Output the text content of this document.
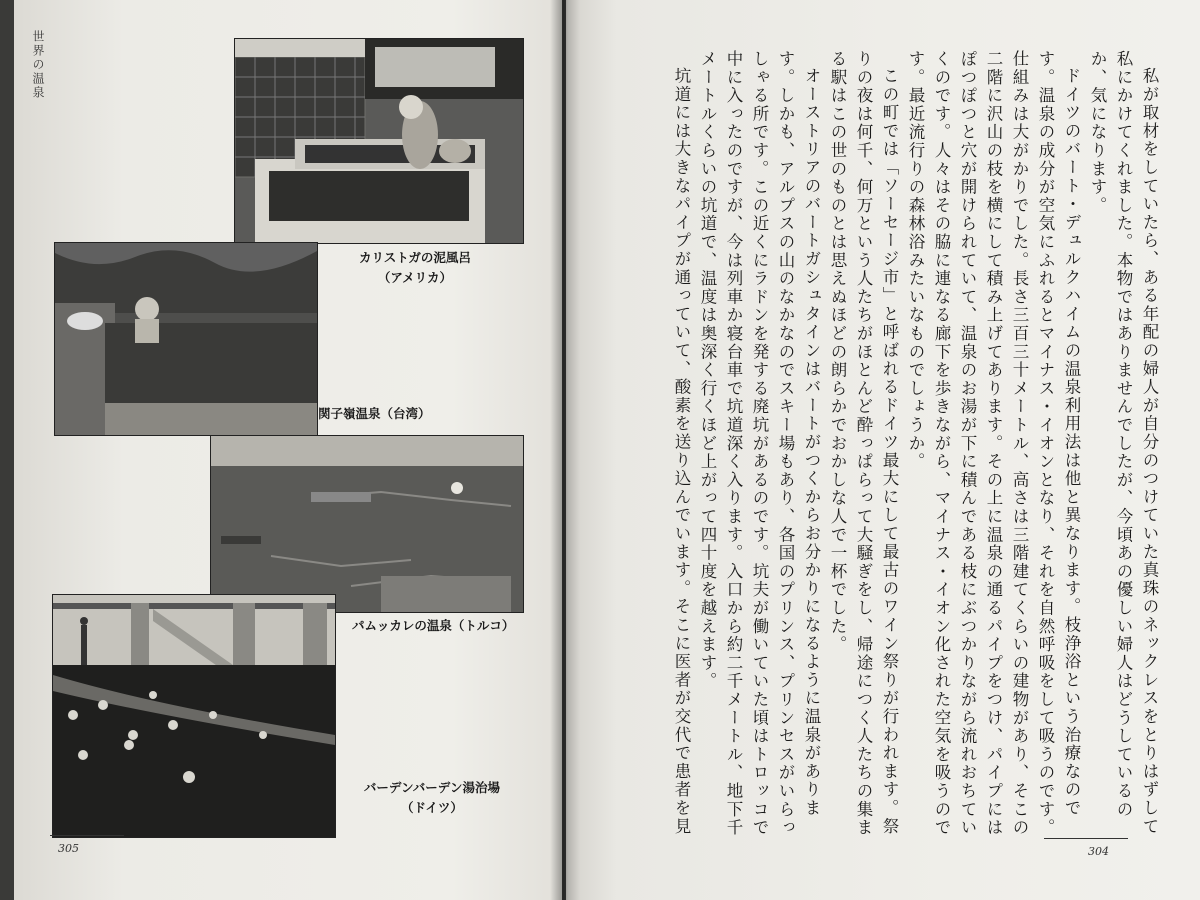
世界の温泉
カリストガの泥風呂
（アメリカ）
関子嶺温泉（台湾）
パムッカレの温泉（トルコ）
バーデンバーデン湯治場
（ドイツ）
305

私が取材をしていたら、ある年配の婦人が自分のつけていた真珠のネックレスをとりはずして私にかけてくれました。本物ではありませんでしたが、今頃あの優しい婦人はどうしているのか、気になります。

ドイツのバート・デュルクハイムの温泉利用法は他と異なります。枝浄浴という治療なのです。温泉の成分が空気にふれるとマイナス・イオンとなり、それを自然呼吸をして吸うのです。仕組みは大がかりでした。長さ三百三十メートル、高さは三階建てくらいの建物があり、そこの二階に沢山の枝を横にして積み上げてあります。その上に温泉の通るパイプをつけ、パイプにはぽつぽつと穴が開けられていて、温泉のお湯が下に積んである枝にぶつかりながら流れおちていくのです。人々はその脇に連なる廊下を歩きながら、マイナス・イオン化された空気を吸うのです。最近流行りの森林浴みたいなものでしょうか。

この町では「ソーセージ市」と呼ばれるドイツ最大にして最古のワイン祭りが行われます。祭りの夜は何千、何万という人たちがほとんど酔っぱらって大騒ぎをし、帰途につく人たちの集まる駅はこの世のものとは思えぬほどの朗らかでおかしな人で一杯でした。

オーストリアのバートガシュタインはバートがつくからお分かりになるように温泉があります。しかも、アルプスの山のなかなのでスキー場もあり、各国のプリンス、プリンセスがいらっしゃる所です。この近くにラドンを発する廃坑があるのです。坑夫が働いていた頃はトロッコで中に入ったのですが、今は列車か寝台車で坑道深く入ります。入口から約二千メートル、地下千メートルくらいの坑道で、温度は奥深く行くほど上がって四十度を越えます。

坑道には大きなパイプが通っていて、酸素を送り込んでいます。そこに医者が交代で患者を見

304
